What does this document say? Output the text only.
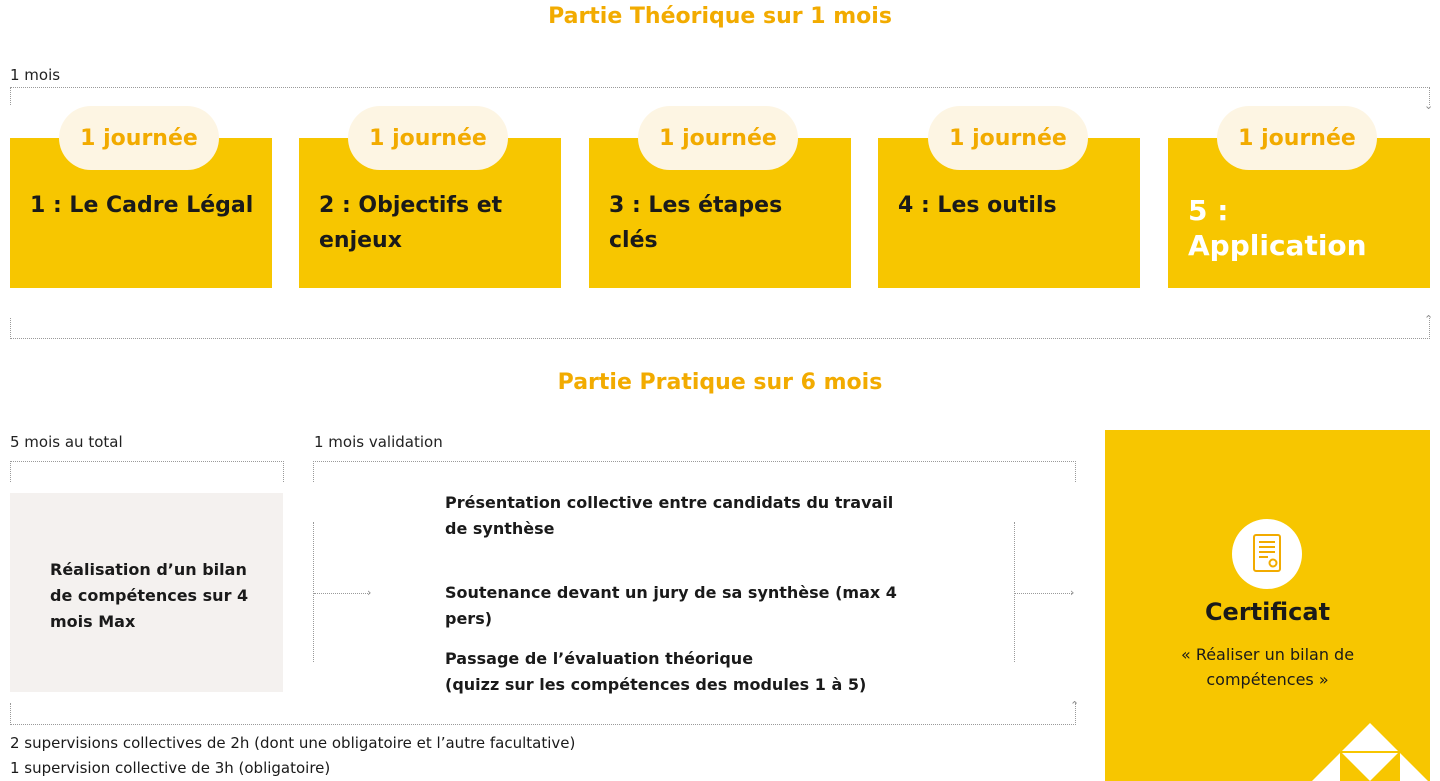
Partie Théorique sur 1 mois
1 mois
⌄
⌃
1 : Le Cadre Légal
1 journée
2 : Objectifs et enjeux
1 journée
3 : Les étapes clés
1 journée
4 : Les outils
1 journée
5 : Application
1 journée
Partie Pratique sur 6 mois
5 mois au total	1 mois validation
Réalisation d’un bilan de compétences sur 4 mois Max
›	›
Présentation collective entre candidats du travail de synthèse
Soutenance devant un jury de sa synthèse (max 4 pers)
Passage de l’évaluation théorique
(quizz sur les compétences des modules 1 à 5)
⌃
2 supervisions collectives de 2h (dont une obligatoire et l’autre facultative)
1 supervision collective de 3h (obligatoire)
Certificat
« Réaliser un bilan de compétences »
